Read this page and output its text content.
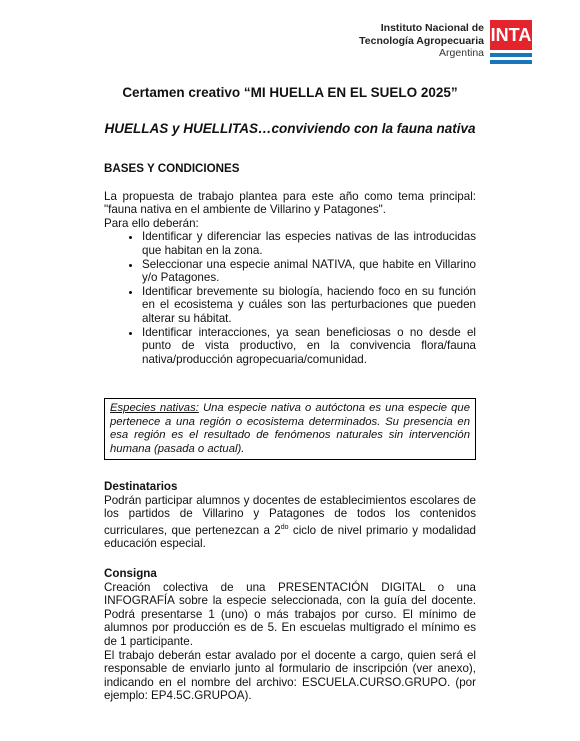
Instituto Nacional de
Tecnología Agropecuaria
Argentina
INTA
Certamen creativo “MI HUELLA EN EL SUELO 2025”
HUELLAS y HUELLITAS…conviviendo con la fauna nativa
BASES Y CONDICIONES
La propuesta de trabajo plantea para este año como tema principal: "fauna nativa en el ambiente de Villarino y Patagones".
Para ello deberán:
• Identificar y diferenciar las especies nativas de las introducidas que habitan en la zona.
• Seleccionar una especie animal NATIVA, que habite en Villarino y/o Patagones.
• Identificar brevemente su biología, haciendo foco en su función en el ecosistema y cuáles son las perturbaciones que pueden alterar su hábitat.
• Identificar interacciones, ya sean beneficiosas o no desde el punto de vista productivo, en la convivencia flora/fauna nativa/producción agropecuaria/comunidad.
Especies nativas: Una especie nativa o autóctona es una especie que pertenece a una región o ecosistema determinados. Su presencia en esa región es el resultado de fenómenos naturales sin intervención humana (pasada o actual).
Destinatarios
Podrán participar alumnos y docentes de establecimientos escolares de los partidos de Villarino y Patagones de todos los contenidos curriculares, que pertenezcan a $2^{do}$ ciclo de nivel primario y modalidad educación especial.
Consigna
Creación colectiva de una PRESENTACIÓN DIGITAL o una INFOGRAFÍA sobre la especie seleccionada, con la guía del docente. Podrá presentarse 1 (uno) o más trabajos por curso. El mínimo de alumnos por producción es de 5. En escuelas multigrado el mínimo es de 1 participante.
El trabajo deberán estar avalado por el docente a cargo, quien será el responsable de enviarlo junto al formulario de inscripción (ver anexo), indicando en el nombre del archivo: ESCUELA.CURSO.GRUPO. (por ejemplo: EP4.5C.GRUPOA).
